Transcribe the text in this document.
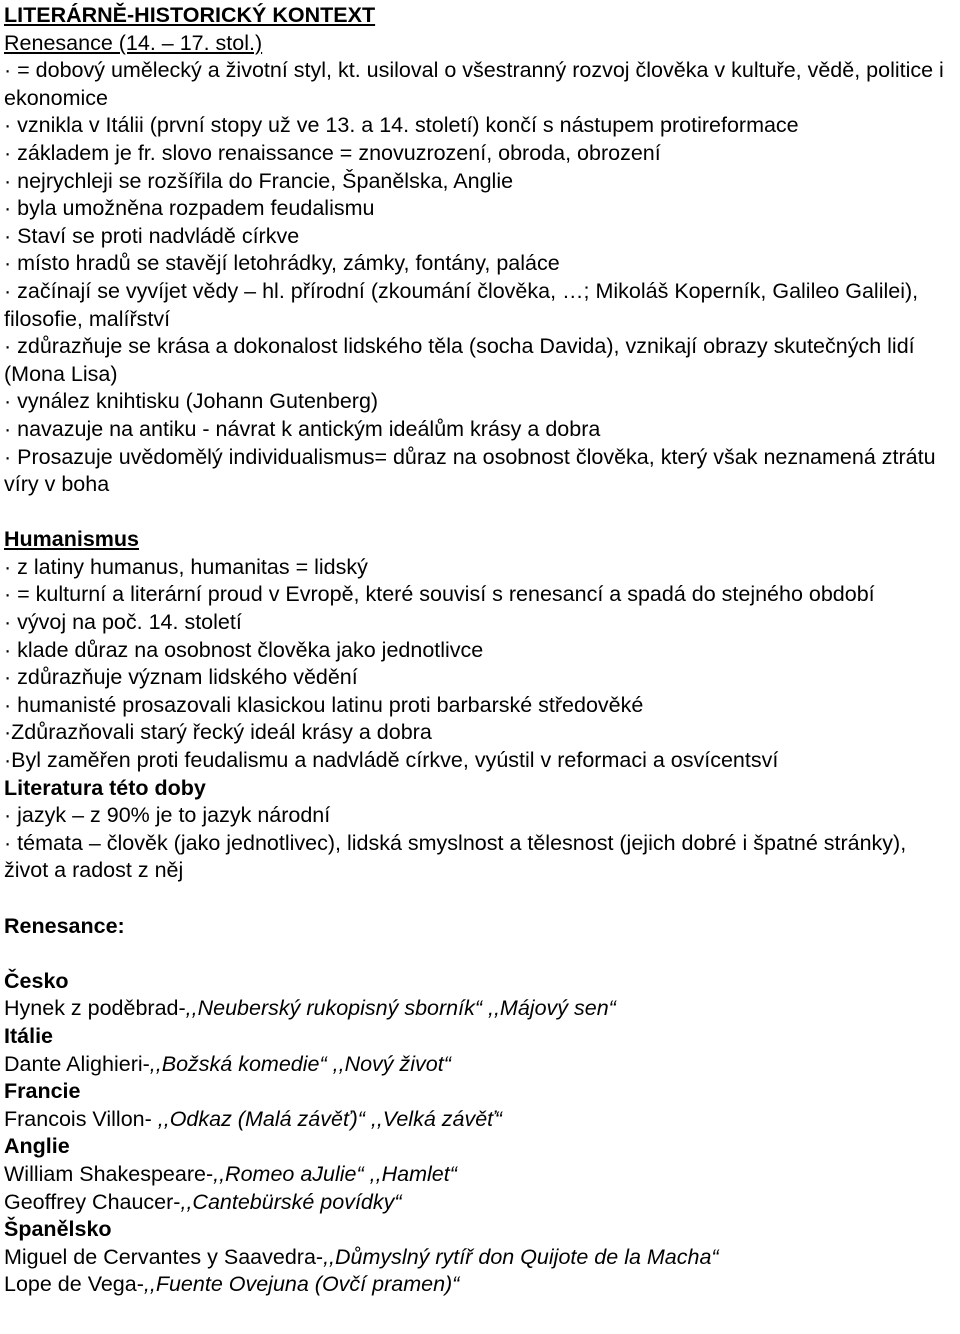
LITERÁRNĚ-HISTORICKÝ KONTEXT

Renesance (14. – 17. stol.)

· = dobový umělecký a životní styl, kt. usiloval o všestranný rozvoj člověka v kultuře, vědě, politice i ekonomice

· vznikla v Itálii (první stopy už ve 13. a 14. století) končí s nástupem protireformace

· základem je fr. slovo renaissance = znovuzrození, obroda, obrození

· nejrychleji se rozšířila do Francie, Španělska, Anglie

· byla umožněna rozpadem feudalismu

· Staví se proti nadvládě církve

· místo hradů se stavějí letohrádky, zámky, fontány, paláce

· začínají se vyvíjet vědy – hl. přírodní (zkoumání člověka, …; Mikoláš Koperník, Galileo Galilei), filosofie, malířství

· zdůrazňuje se krása a dokonalost lidského těla (socha Davida), vznikají obrazy skutečných lidí (Mona Lisa)

· vynález knihtisku (Johann Gutenberg)

· navazuje na antiku - návrat k antickým ideálům krásy a dobra

· Prosazuje uvědomělý individualismus= důraz na osobnost člověka, který však neznamená ztrátu víry v boha

Humanismus

· z latiny humanus, humanitas = lidský

· = kulturní a literární proud v Evropě, které souvisí s renesancí a spadá do stejného období

· vývoj na poč. 14. století

· klade důraz na osobnost člověka jako jednotlivce

· zdůrazňuje význam lidského vědění

· humanisté prosazovali klasickou latinu proti barbarské středověké

·Zdůrazňovali starý řecký ideál krásy a dobra

·Byl zaměřen proti feudalismu a nadvládě církve, vyústil v reformaci a osvícentsví

Literatura této doby

· jazyk – z 90% je to jazyk národní

· témata – člověk (jako jednotlivec), lidská smyslnost a tělesnost (jejich dobré i špatné stránky), život a radost z něj

Renesance:

Česko

Hynek z poděbrad-,,Neuberský rukopisný sborník“ ,,Májový sen“

Itálie

Dante Alighieri-,,Božská komedie“ ,,Nový život“

Francie

Francois Villon- ,,Odkaz (Malá závěť)“ ,,Velká závěť“

Anglie

William Shakespeare-,,Romeo aJulie“ ,,Hamlet“

Geoffrey Chaucer-,,Cantebürské povídky“

Španělsko

Miguel de Cervantes y Saavedra-,,Důmyslný rytíř don Quijote de la Macha“

Lope de Vega-,,Fuente Ovejuna (Ovčí pramen)“
